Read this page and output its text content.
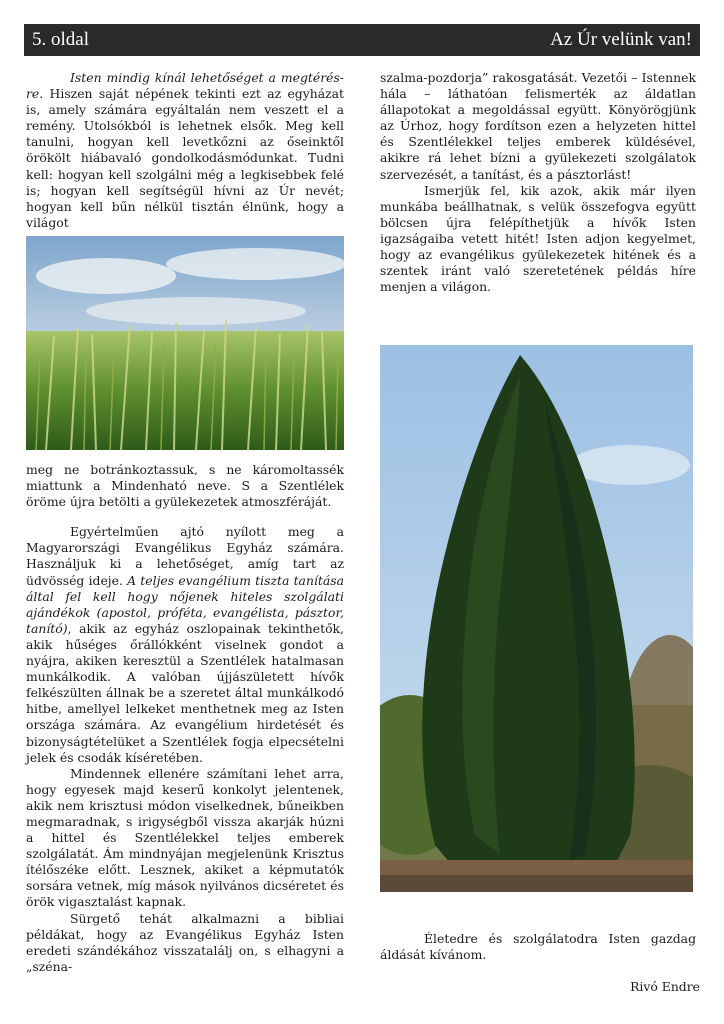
5. oldal	Az Úr velünk van!

Isten mindig kínál lehetőséget a megtérés-re. Hiszen saját népének tekinti ezt az egyházat is, amely számára egyáltalán nem veszett el a remény. Utolsókból is lehetnek elsők. Meg kell tanulni, hogyan kell levetkőzni az őseinktől örökölt hiábavaló gondolkodásmódunkat. Tudni kell: hogyan kell szolgálni még a legkisebbek felé is; hogyan kell segítségül hívni az Úr nevét; hogyan kell bűn nélkül tisztán élnünk, hogy a világot

meg ne botránkoztassuk, s ne káromoltassék miattunk a Mindenható neve. S a Szentlélek öröme újra betölti a gyülekezetek atmoszféráját.

Egyértelműen ajtó nyílott meg a Magyarországi Evangélikus Egyház számára. Használjuk ki a lehetőséget, amíg tart az üdvösség ideje. A teljes evangélium tiszta tanítása által fel kell hogy nőjenek hiteles szolgálati ajándékok (apostol, próféta, evangélista, pásztor, tanító), akik az egyház oszlopainak tekinthetők, akik hűséges őrállókként viselnek gondot a nyájra, akiken keresztül a Szentlélek hatalmasan munkálkodik. A valóban újjászületett hívők felkészülten állnak be a szeretet által munkálkodó hitbe, amellyel lelkeket menthetnek meg az Isten országa számára. Az evangélium hirdetését és bizonyságtételüket a Szentlélek fogja elpecsételni jelek és csodák kíséretében.

Mindennek ellenére számítani lehet arra, hogy egyesek majd keserű konkolyt jelentenek, akik nem krisztusi módon viselkednek, bűneikben megmaradnak, s irigységből vissza akarják húzni a hittel és Szentlélekkel teljes emberek szolgálatát. Ám mindnyájan megjelenünk Krisztus ítélőszéke előtt. Lesznek, akiket a képmutatók sorsára vetnek, míg mások nyilvános dicséretet és örök vigasztalást kapnak.

Sürgető tehát alkalmazni a bibliai példákat, hogy az Evangélikus Egyház Isten eredeti szándékához visszatalálj on, s elhagyni a „széna-

szalma-pozdorja” rakosgatását. Vezetői – Istennek hála – láthatóan felismerték az áldatlan állapotokat a megoldással együtt. Könyörögjünk az Úrhoz, hogy fordítson ezen a helyzeten hittel és Szentlélekkel teljes emberek küldésével, akikre rá lehet bízni a gyülekezeti szolgálatok szervezését, a tanítást, és a pásztorlást!

Ismerjük fel, kik azok, akik már ilyen munkába beállhatnak, s velük összefogva együtt bölcsen újra felépíthetjük a hívők Isten igazságaiba vetett hitét! Isten adjon kegyelmet, hogy az evangélikus gyülekezetek hitének és a szentek iránt való szeretetének példás híre menjen a világon.

Életedre és szolgálatodra Isten gazdag áldását kívánom.

Rivó Endre
